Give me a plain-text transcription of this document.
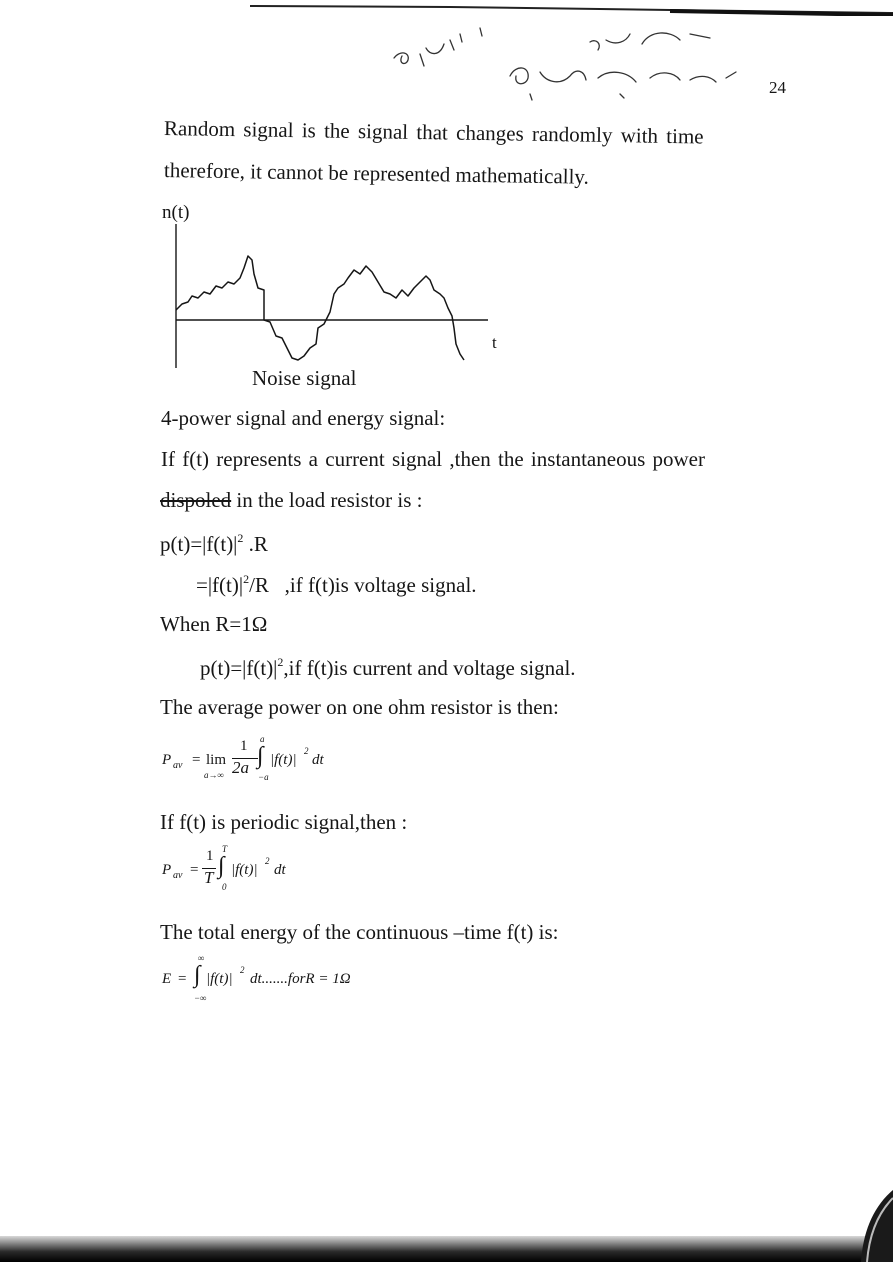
24
Random signal is the signal that changes randomly with time
therefore, it cannot be represented mathematically.
n(t)
t
Noise signal
4-power signal and energy signal:
If f(t) represents a current signal ,then the instantaneous power
dispoled in the load resistor is :
$p(t)=|f(t)|^2$ .R
$=|f(t)|^2/R$   ,if f(t)is voltage signal.
When R=1Ω
$p(t)=|f(t)|^2,if$ f(t)is current and voltage signal.
The average power on one ohm resistor is then:
P $_{av}$ = lim
a→∞
1
2a
a
∫
−a
|f(t)|
2
dt
If f(t) is periodic signal,then :
P $_{av}$ =
1
T
T
∫
0
|f(t)|
2
dt
The total energy of the continuous –time f(t) is:
E =
∞
∫
−∞
|f(t)|
2
dt.......forR = 1Ω
